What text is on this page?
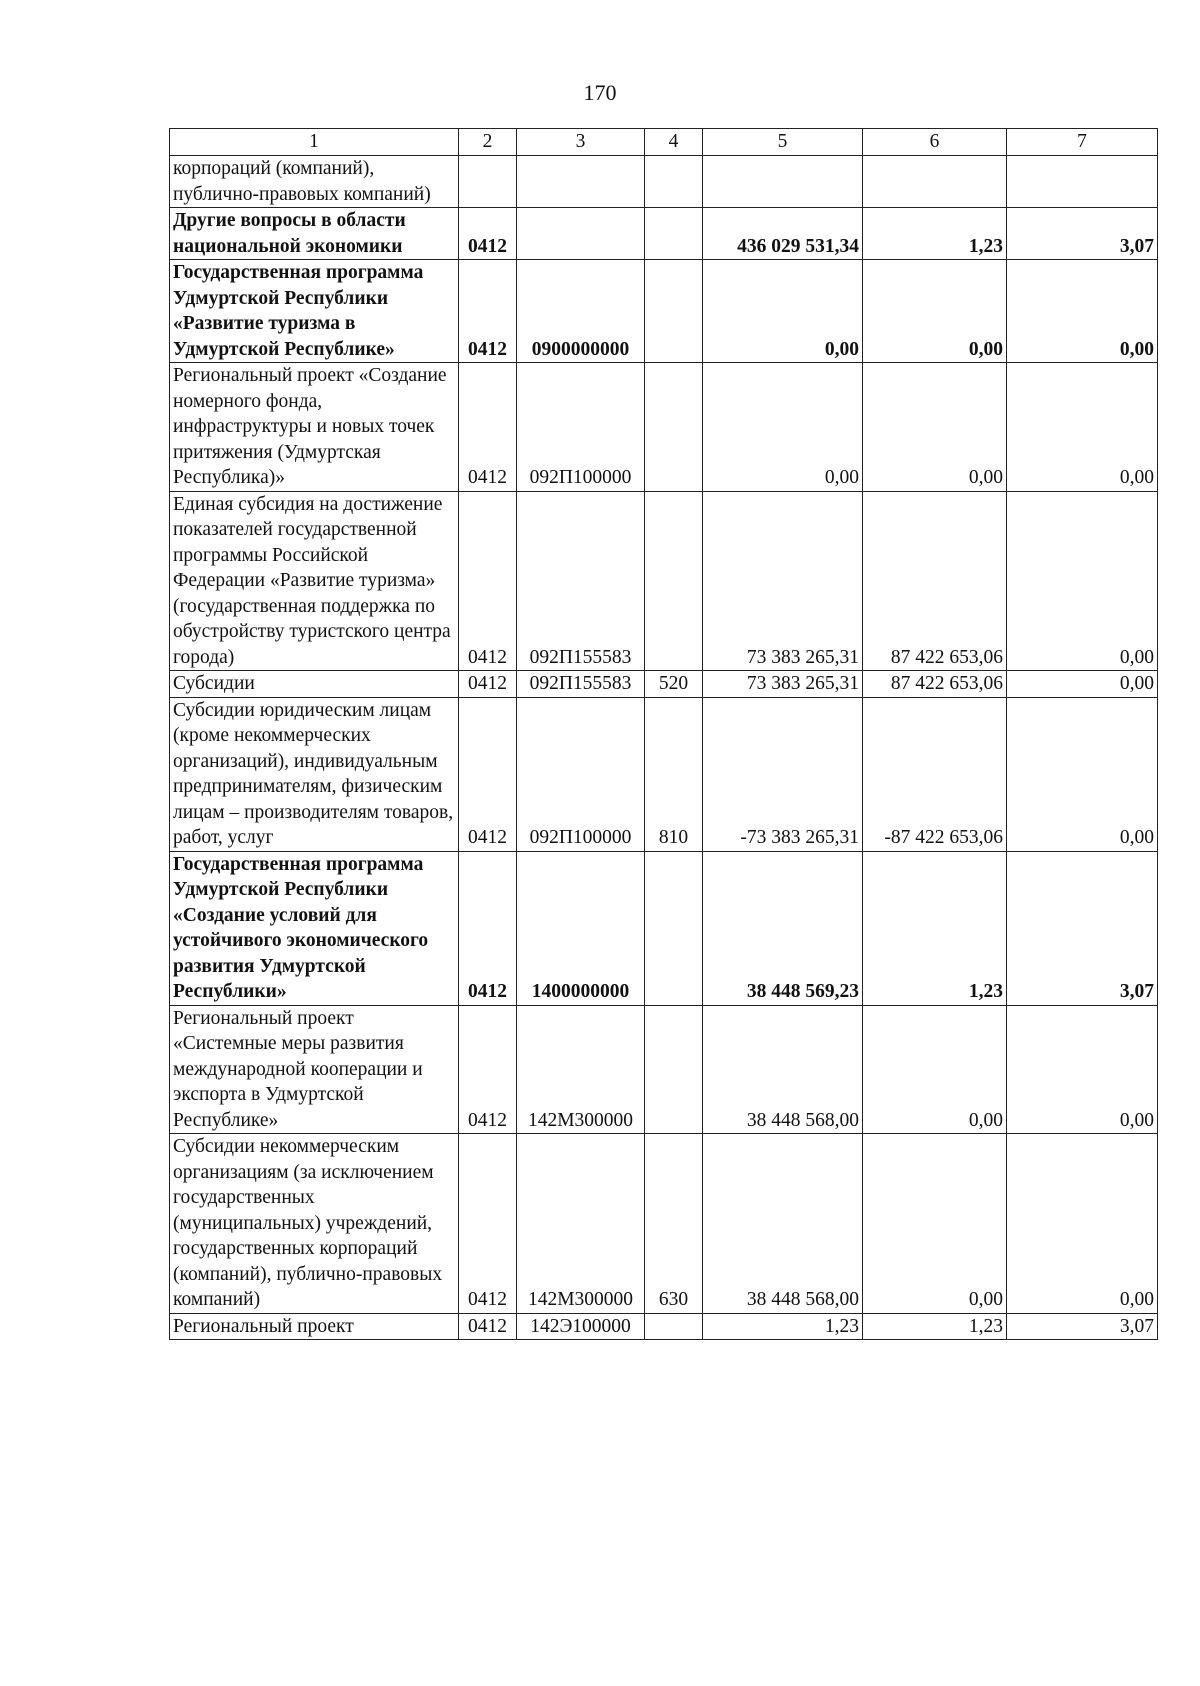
170
1	2	3	4	5	6	7
корпораций (компаний), публично-правовых компаний)						
Другие вопросы в области национальной экономики	0412			436 029 531,34	1,23	3,07
Государственная программа Удмуртской Республики «Развитие туризма в Удмуртской Республике»	0412	0900000000		0,00	0,00	0,00
Региональный проект «Создание номерного фонда, инфраструктуры и новых точек притяжения (Удмуртская Республика)»	0412	092П100000		0,00	0,00	0,00
Единая субсидия на достижение показателей государственной программы Российской Федерации «Развитие туризма» (государственная поддержка по обустройству туристского центра города)	0412	092П155583		73 383 265,31	87 422 653,06	0,00
Субсидии	0412	092П155583	520	73 383 265,31	87 422 653,06	0,00
Субсидии юридическим лицам (кроме некоммерческих организаций), индивидуальным предпринимателям, физическим лицам – производителям товаров, работ, услуг	0412	092П100000	810	-73 383 265,31	-87 422 653,06	0,00
Государственная программа Удмуртской Республики «Создание условий для устойчивого экономического развития Удмуртской Республики»	0412	1400000000		38 448 569,23	1,23	3,07
Региональный проект «Системные меры развития международной кооперации и экспорта в Удмуртской Республике»	0412	142М300000		38 448 568,00	0,00	0,00
Субсидии некоммерческим организациям (за исключением государственных (муниципальных) учреждений, государственных корпораций (компаний), публично-правовых компаний)	0412	142М300000	630	38 448 568,00	0,00	0,00
Региональный проект	0412	142Э100000		1,23	1,23	3,07
